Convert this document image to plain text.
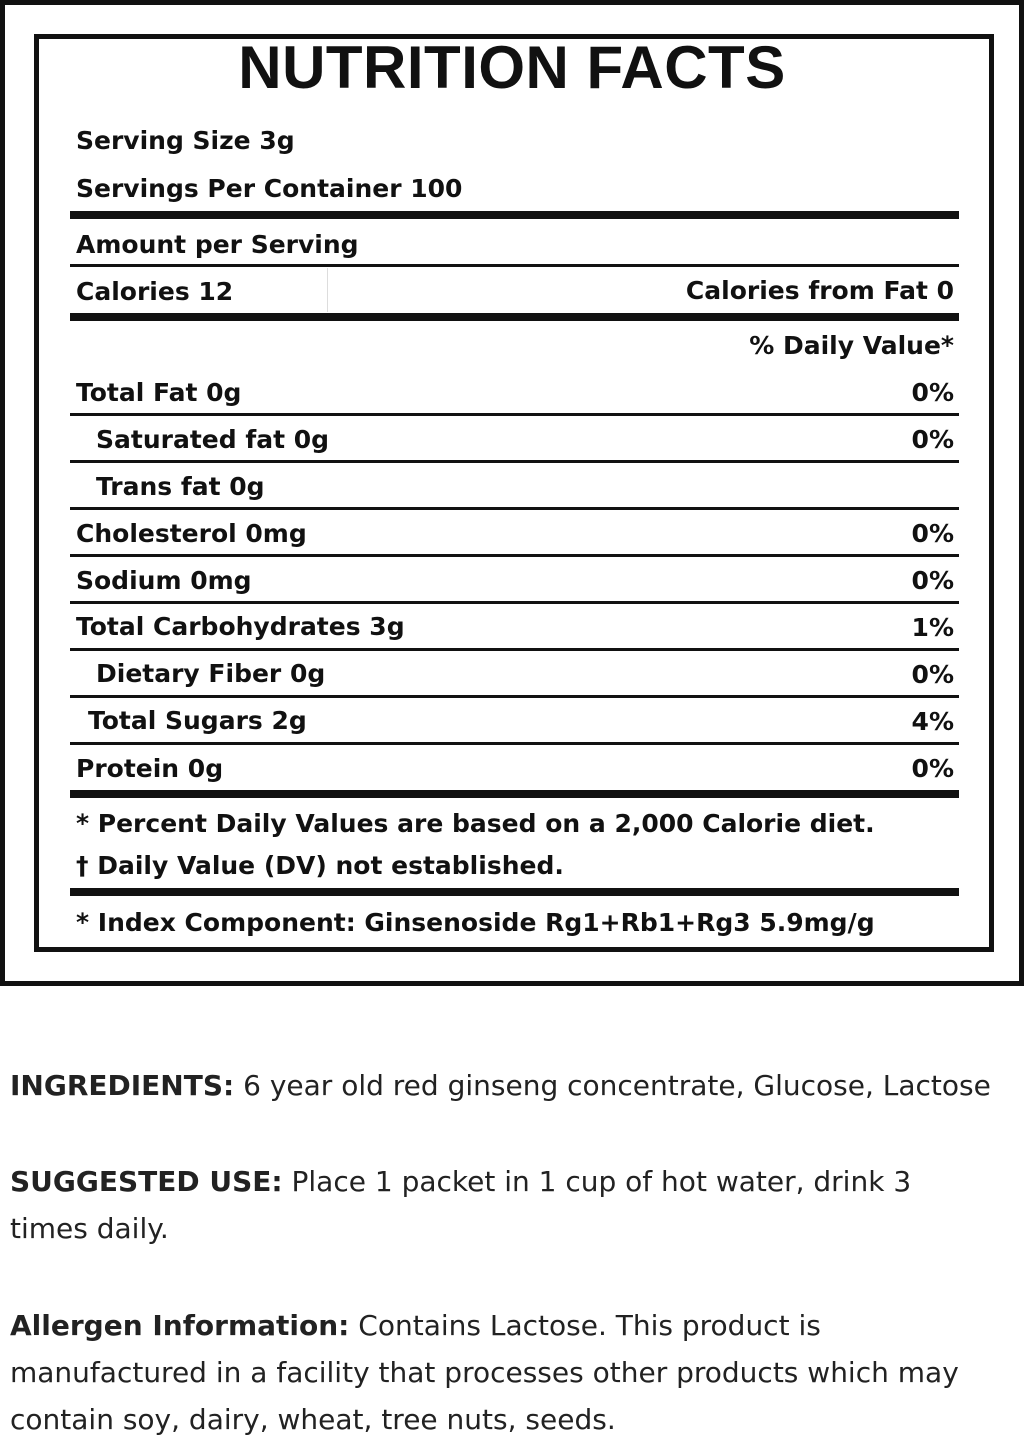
NUTRITION FACTS
Serving Size 3g
Servings Per Container 100
Amount per Serving
Calories 12	Calories from Fat 0
% Daily Value*
Total Fat 0g	0%
Saturated fat 0g	0%
Trans fat 0g
Cholesterol 0mg	0%
Sodium 0mg	0%
Total Carbohydrates 3g	1%
Dietary Fiber 0g	0%
Total Sugars 2g	4%
Protein 0g	0%
* Percent Daily Values are based on a 2,000 Calorie diet.
† Daily Value (DV) not established.
* Index Component: Ginsenoside Rg1+Rb1+Rg3 5.9mg/g
INGREDIENTS: 6 year old red ginseng concentrate, Glucose, Lactose
SUGGESTED USE: Place 1 packet in 1 cup of hot water, drink 3 times daily.
Allergen Information: Contains Lactose. This product is manufactured in a facility that processes other products which may contain soy, dairy, wheat, tree nuts, seeds.
